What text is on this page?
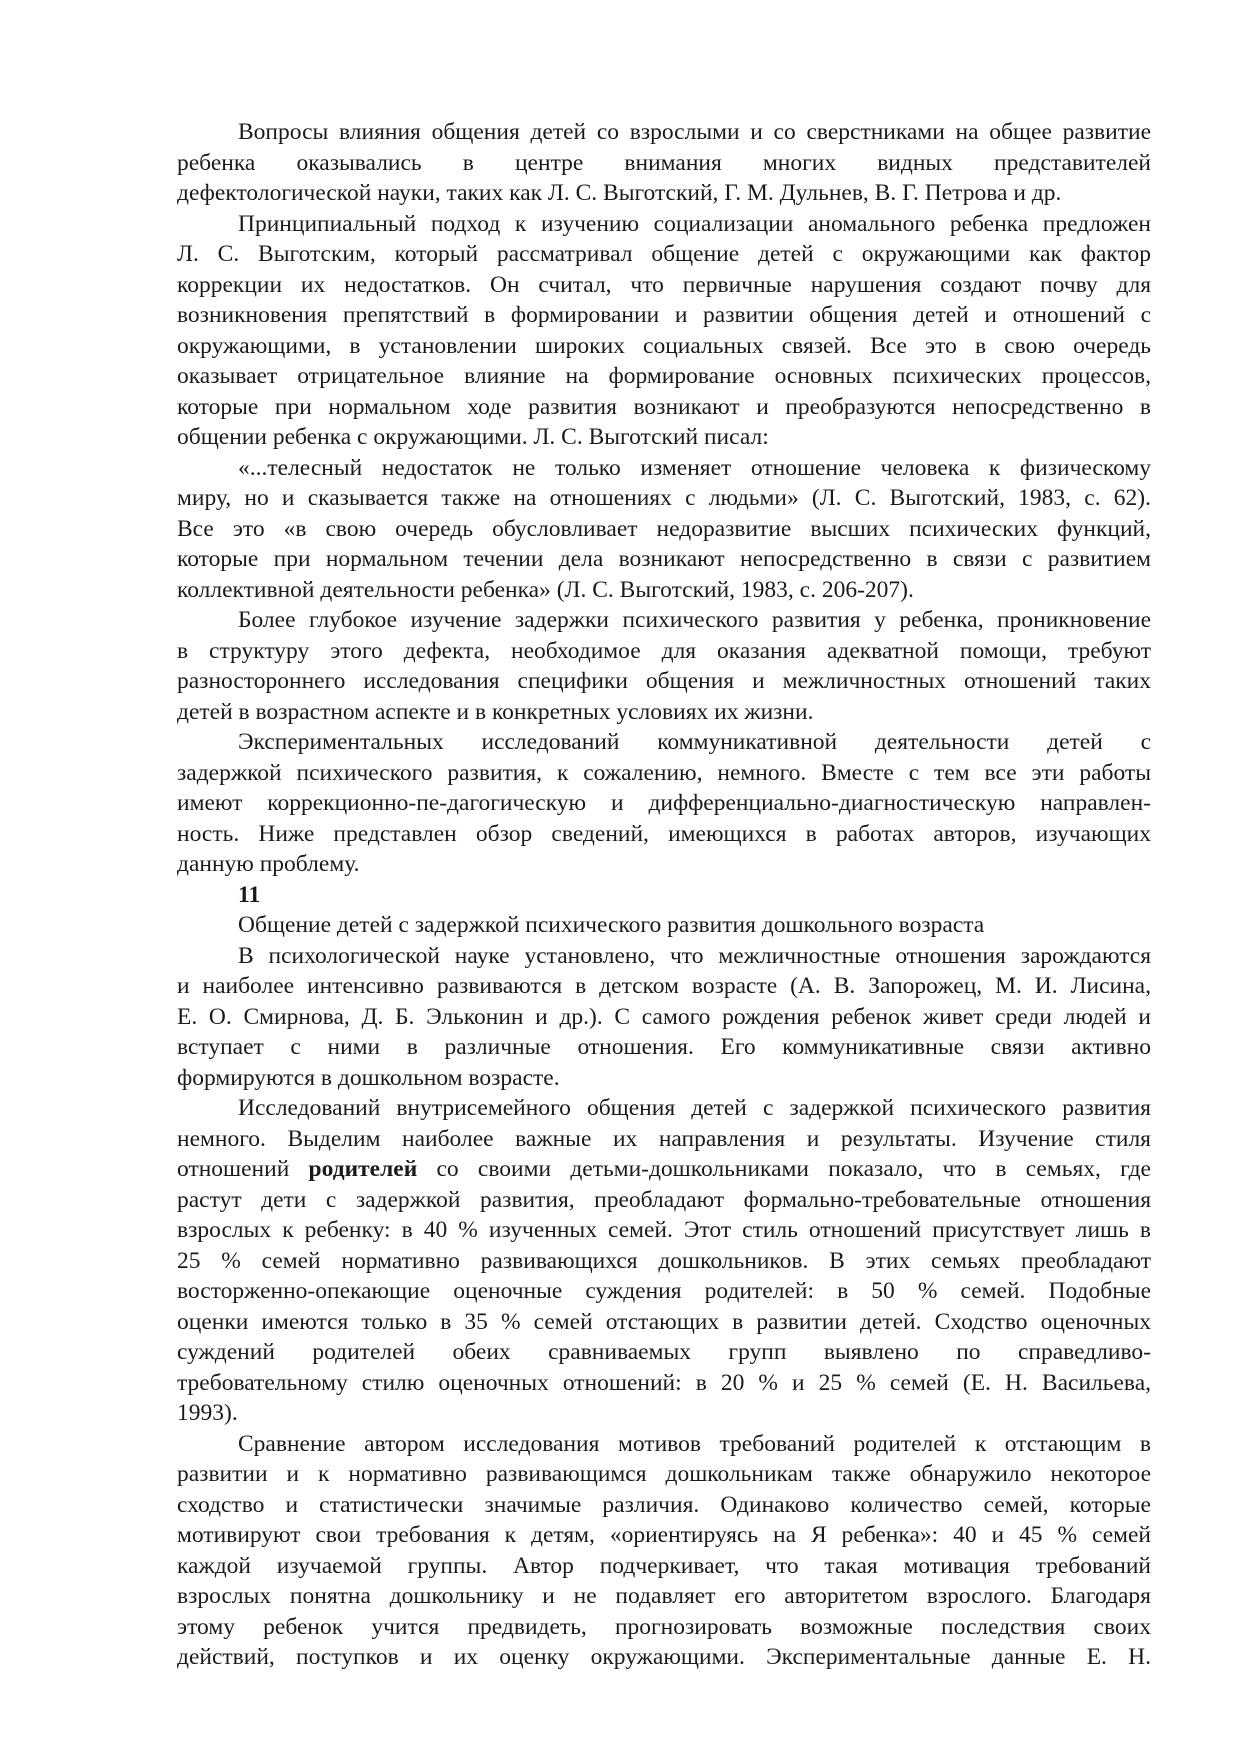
Вопросы влияния общения детей со взрослыми и со сверстниками на общее развитие
ребенка оказывались в центре внимания многих видных представителей
дефектологической науки, таких как Л. С. Выготский, Г. М. Дульнев, В. Г. Петрова и др.
Принципиальный подход к изучению социализации аномального ребенка предложен
Л. С. Выготским, который рассматривал общение детей с окружающими как фактор
коррекции их недостатков. Он считал, что первичные нарушения создают почву для
возникновения препятствий в формировании и развитии общения детей и отношений с
окружающими, в установлении широких социальных связей. Все это в свою очередь
оказывает отрицательное влияние на формирование основных психических процессов,
которые при нормальном ходе развития возникают и преобразуются непосредственно в
общении ребенка с окружающими. Л. С. Выготский писал:
«...телесный недостаток не только изменяет отношение человека к физическому
миру, но и сказывается также на отношениях с людьми» (Л. С. Выготский, 1983, с. 62).
Все это «в свою очередь обусловливает недоразвитие высших психических функций,
которые при нормальном течении дела возникают непосредственно в связи с развитием
коллективной деятельности ребенка» (Л. С. Выготский, 1983, с. 206-207).
Более глубокое изучение задержки психического развития у ребенка, проникновение
в структуру этого дефекта, необходимое для оказания адекватной помощи, требуют
разностороннего исследования специфики общения и межличностных отношений таких
детей в возрастном аспекте и в конкретных условиях их жизни.
Экспериментальных исследований коммуникативной деятельности детей с
задержкой психического развития, к сожалению, немного. Вместе с тем все эти работы
имеют коррекционно-пе-дагогическую и дифференциально-диагностическую направлен-
ность. Ниже представлен обзор сведений, имеющихся в работах авторов, изучающих
данную проблему.
11
Общение детей с задержкой психического развития дошкольного возраста
В психологической науке установлено, что межличностные отношения зарождаются
и наиболее интенсивно развиваются в детском возрасте (А. В. Запорожец, М. И. Лисина,
Е. О. Смирнова, Д. Б. Эльконин и др.). С самого рождения ребенок живет среди людей и
вступает с ними в различные отношения. Его коммуникативные связи активно
формируются в дошкольном возрасте.
Исследований внутрисемейного общения детей с задержкой психического развития
немного. Выделим наиболее важные их направления и результаты. Изучение стиля
отношений родителей со своими детьми-дошкольниками показало, что в семьях, где
растут дети с задержкой развития, преобладают формально-требовательные отношения
взрослых к ребенку: в 40 % изученных семей. Этот стиль отношений присутствует лишь в
25 % семей нормативно развивающихся дошкольников. В этих семьях преобладают
восторженно-опекающие оценочные суждения родителей: в 50 % семей. Подобные
оценки имеются только в 35 % семей отстающих в развитии детей. Сходство оценочных
суждений родителей обеих сравниваемых групп выявлено по справедливо-
требовательному стилю оценочных отношений: в 20 % и 25 % семей (Е. Н. Васильева,
1993).
Сравнение автором исследования мотивов требований родителей к отстающим в
развитии и к нормативно развивающимся дошкольникам также обнаружило некоторое
сходство и статистически значимые различия. Одинаково количество семей, которые
мотивируют свои требования к детям, «ориентируясь на Я ребенка»: 40 и 45 % семей
каждой изучаемой группы. Автор подчеркивает, что такая мотивация требований
взрослых понятна дошкольнику и не подавляет его авторитетом взрослого. Благодаря
этому ребенок учится предвидеть, прогнозировать возможные последствия своих
действий, поступков и их оценку окружающими. Экспериментальные данные Е. Н.
